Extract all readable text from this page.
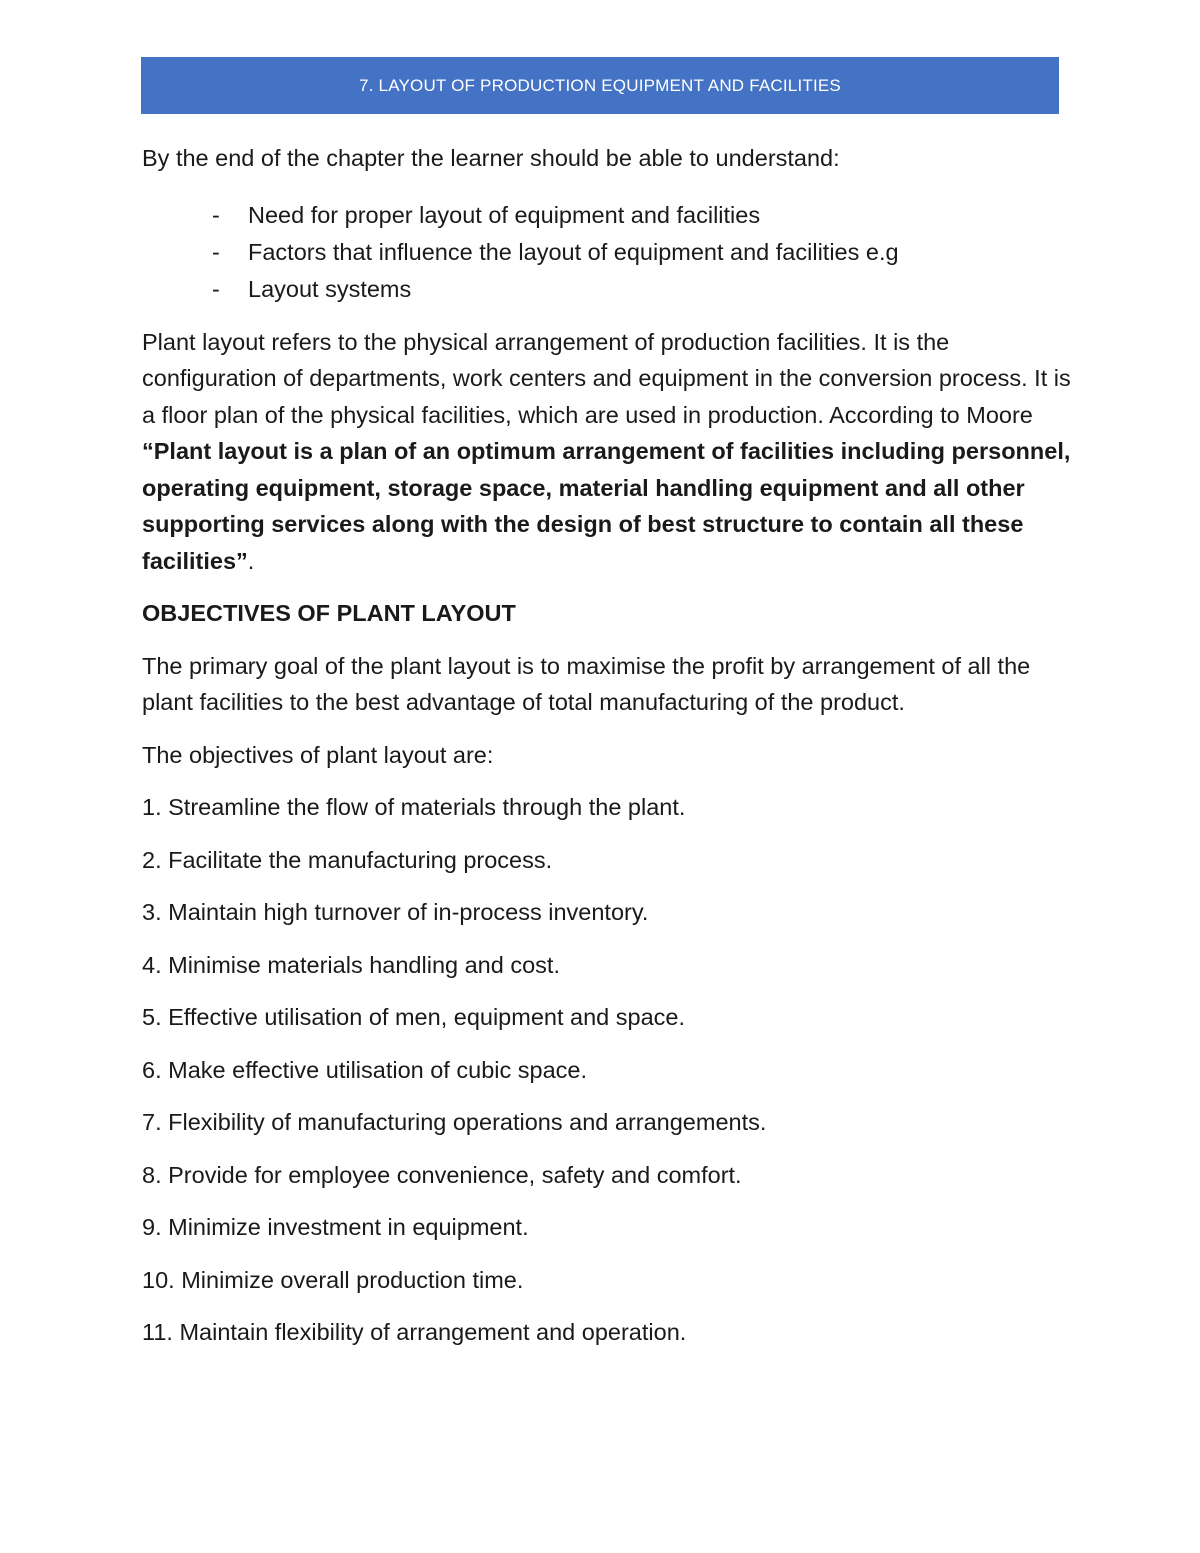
7. LAYOUT OF PRODUCTION EQUIPMENT AND FACILITIES

By the end of the chapter the learner should be able to understand:

- Need for proper layout of equipment and facilities
- Factors that influence the layout of equipment and facilities e.g
- Layout systems

Plant layout refers to the physical arrangement of production facilities. It is the configuration of departments, work centers and equipment in the conversion process. It is a floor plan of the physical facilities, which are used in production. According to Moore “Plant layout is a plan of an optimum arrangement of facilities including personnel, operating equipment, storage space, material handling equipment and all other supporting services along with the design of best structure to contain all these facilities”.

OBJECTIVES OF PLANT LAYOUT

The primary goal of the plant layout is to maximise the profit by arrangement of all the plant facilities to the best advantage of total manufacturing of the product.

The objectives of plant layout are:

1. Streamline the flow of materials through the plant.

2. Facilitate the manufacturing process.

3. Maintain high turnover of in-process inventory.

4. Minimise materials handling and cost.

5. Effective utilisation of men, equipment and space.

6. Make effective utilisation of cubic space.

7. Flexibility of manufacturing operations and arrangements.

8. Provide for employee convenience, safety and comfort.

9. Minimize investment in equipment.

10. Minimize overall production time.

11. Maintain flexibility of arrangement and operation.
